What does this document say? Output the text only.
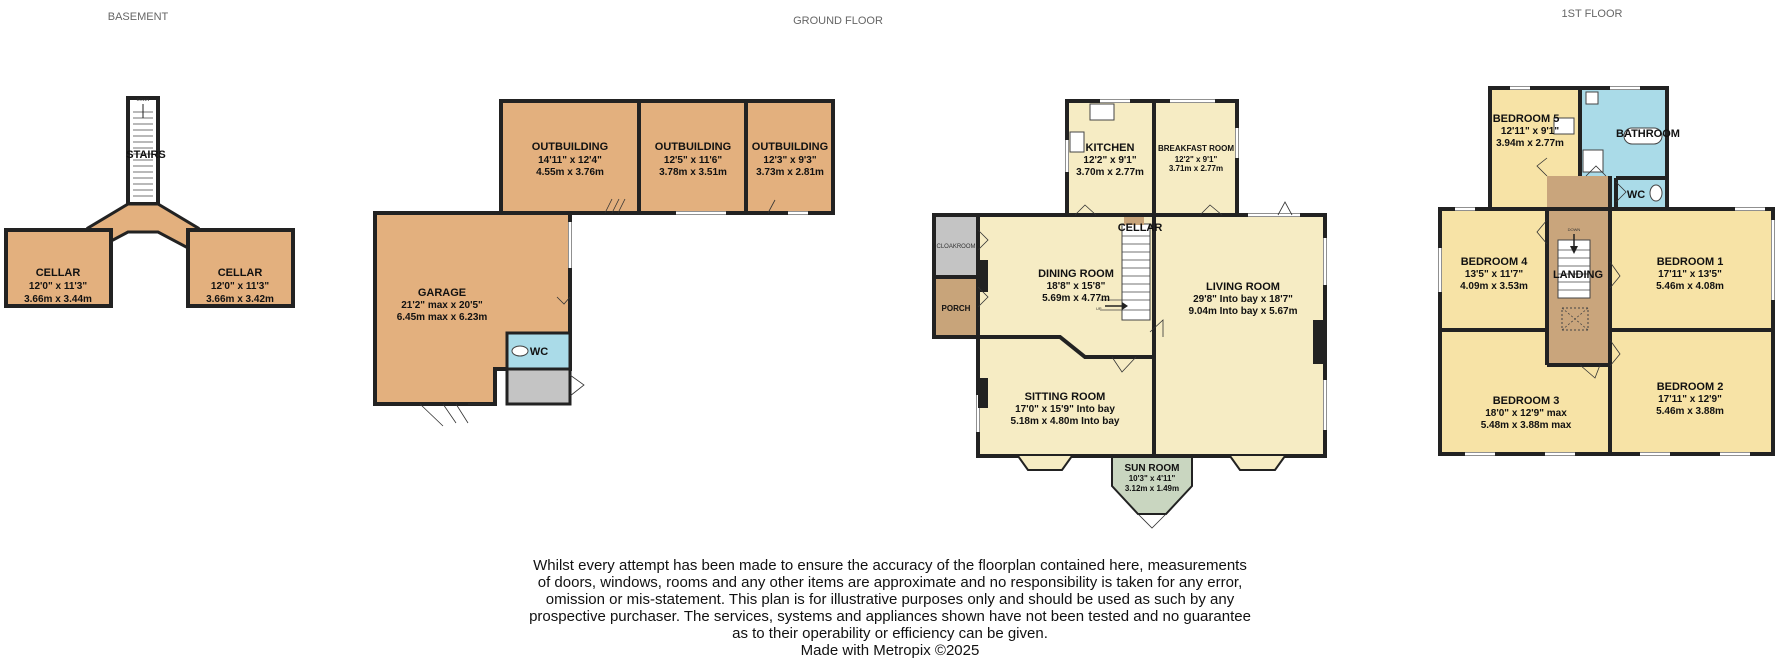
BASEMENT	GROUND FLOOR
1ST FLOOR
DOWN
STAIRS
CELLAR
12'0" x 11'3"
3.66m x 3.44m
CELLAR
12'0" x 11'3"
3.66m x 3.42m
OUTBUILDING
14'11" x 12'4"
4.55m x 3.76m
OUTBUILDING
12'5" x 11'6"
3.78m x 3.51m
OUTBUILDING
12'3" x 9'3"
3.73m x 2.81m
GARAGE
21'2" max x 20'5"
6.45m max x 6.23m
WC
UP
KITCHEN
12'2" x 9'1"
3.70m x 2.77m
BREAKFAST ROOM
12'2" x 9'1"
3.71m x 2.77m
CELLAR
CLOAKROOM
PORCH
DINING ROOM
18'8" x 15'8"
5.69m x 4.77m
LIVING ROOM
29'8" Into bay x 18'7"
9.04m Into bay x 5.67m
SITTING ROOM
17'0" x 15'9" Into bay
5.18m x 4.80m Into bay
SUN ROOM
10'3" x 4'11"
3.12m x 1.49m
DOWN
BEDROOM 5
12'11" x 9'1"
3.94m x 2.77m
BATHROOM
WC
BEDROOM 4
13'5" x 11'7"
4.09m x 3.53m
LANDING
BEDROOM 1
17'11" x 13'5"
5.46m x 4.08m
BEDROOM 3
18'0" x 12'9" max
5.48m x 3.88m max
BEDROOM 2
17'11" x 12'9"
5.46m x 3.88m
Whilst every attempt has been made to ensure the accuracy of the floorplan contained here, measurements
of doors, windows, rooms and any other items are approximate and no responsibility is taken for any error,
omission or mis-statement. This plan is for illustrative purposes only and should be used as such by any
prospective purchaser. The services, systems and appliances shown have not been tested and no guarantee
as to their operability or efficiency can be given.
Made with Metropix ©2025
